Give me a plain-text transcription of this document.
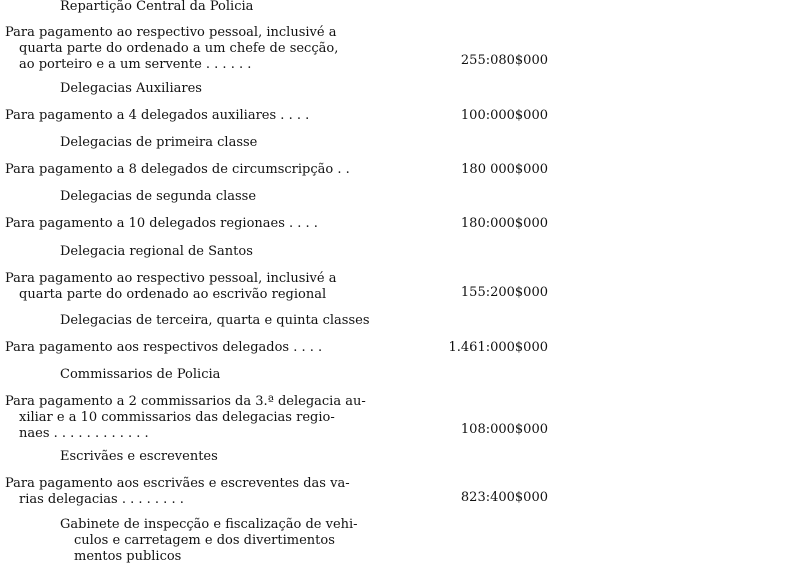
Repartição Central da Policia
Para pagamento ao respectivo pessoal, inclusivé a
quarta parte do ordenado a um chefe de secção,
ao porteiro e a um servente . . . . . .	255:080$000
Delegacias Auxiliares
Para pagamento a 4 delegados auxiliares . . . .	100:000$000
Delegacias de primeira classe
Para pagamento a 8 delegados de circumscripção . .	180 000$000
Delegacias de segunda classe
Para pagamento a 10 delegados regionaes . . . .	180:000$000
Delegacia regional de Santos
Para pagamento ao respectivo pessoal, inclusivé a
quarta parte do ordenado ao escrivão regional	155:200$000
Delegacias de terceira, quarta e quinta classes
Para pagamento aos respectivos delegados . . . .	1.461:000$000
Commissarios de Policia
Para pagamento a 2 commissarios da 3.ª delegacia au-
xiliar e a 10 commissarios das delegacias regio-
naes . . . . . . . . . . . .	108:000$000
Escrivães e escreventes
Para pagamento aos escrivães e escreventes das va-
rias delegacias . . . . . . . .	823:400$000
Gabinete de inspecção e fiscalização de vehi-
culos e carretagem e dos divertimentos
mentos publicos
